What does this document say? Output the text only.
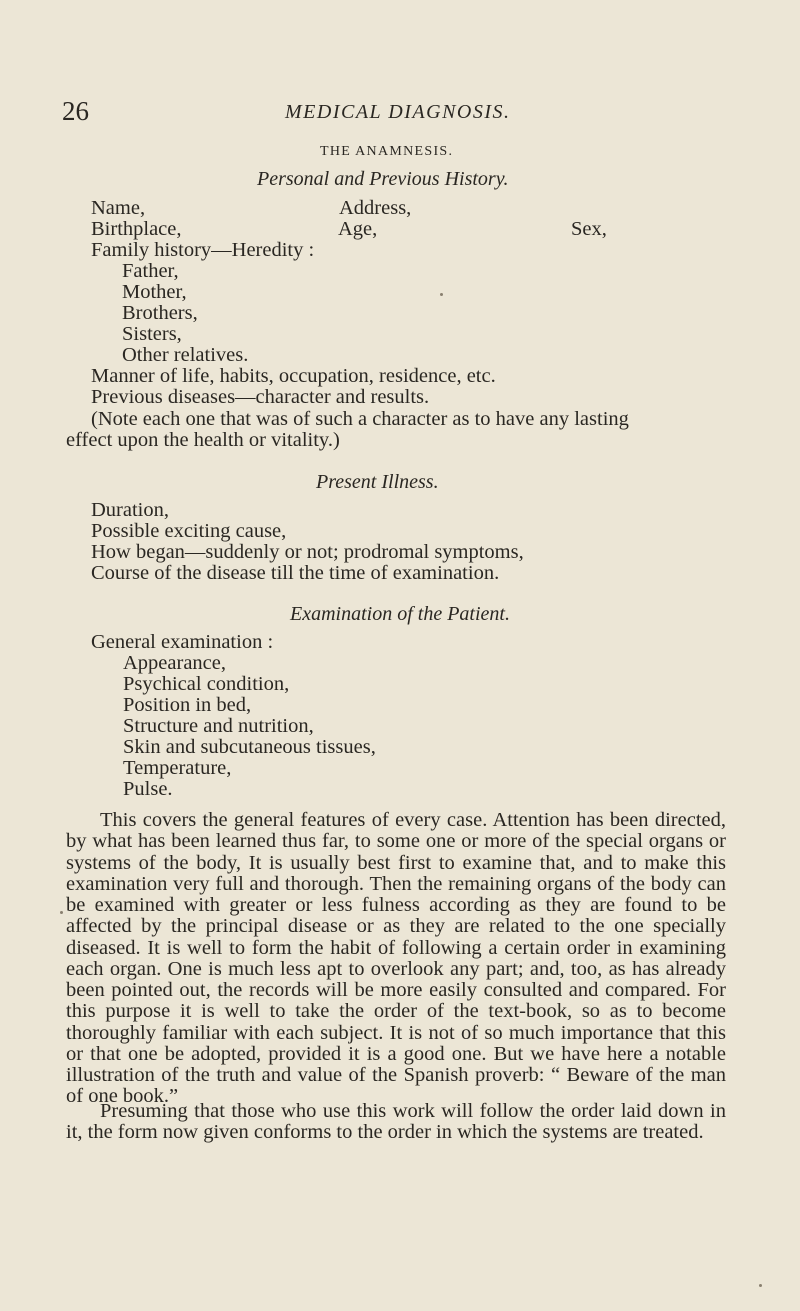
26	MEDICAL DIAGNOSIS.
THE ANAMNESIS.
Personal and Previous History.
Name,	Address,
Birthplace,	Age,	Sex,
Family history—Heredity :
Father,
Mother,
Brothers,
Sisters,
Other relatives.
Manner of life, habits, occupation, residence, etc.
Previous diseases—character and results.
(Note each one that was of such a character as to have any lasting
effect upon the health or vitality.)
Present Illness.
Duration,
Possible exciting cause,
How began—suddenly or not; prodromal symptoms,
Course of the disease till the time of examination.
Examination of the Patient.
General examination :
Appearance,
Psychical condition,
Position in bed,
Structure and nutrition,
Skin and subcutaneous tissues,
Temperature,
Pulse.
This covers the general features of every case. Attention has been directed, by what has been learned thus far, to some one or more of the special organs or systems of the body, It is usually best first to examine that, and to make this examination very full and thorough. Then the remaining organs of the body can be examined with greater or less fulness according as they are found to be affected by the principal disease or as they are related to the one specially diseased. It is well to form the habit of following a certain order in examining each organ. One is much less apt to overlook any part; and, too, as has already been pointed out, the records will be more easily consulted and compared. For this purpose it is well to take the order of the text-book, so as to become thoroughly familiar with each subject. It is not of so much importance that this or that one be adopted, provided it is a good one. But we have here a notable illustration of the truth and value of the Spanish proverb: “ Beware of the man of one book.”
Presuming that those who use this work will follow the order laid down in it, the form now given conforms to the order in which the systems are treated.
